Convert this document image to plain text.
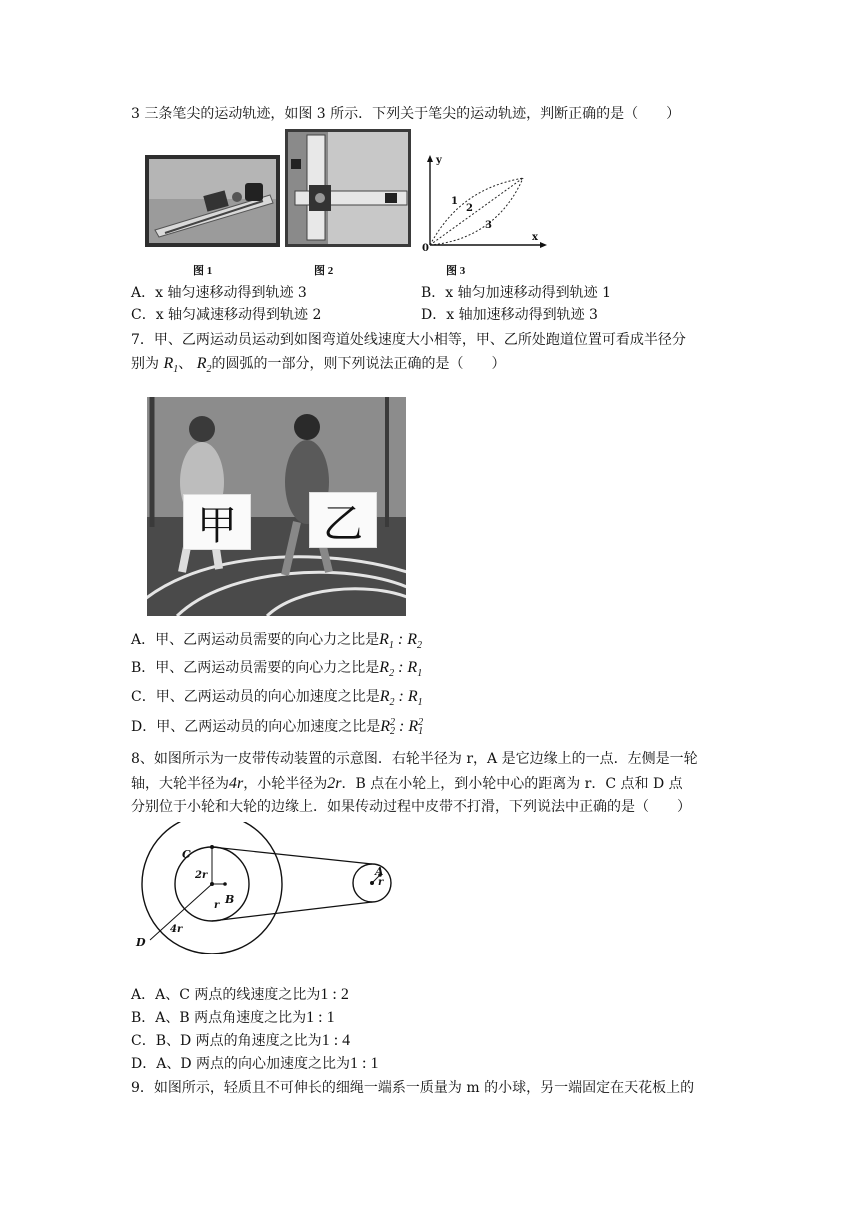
3 三条笔尖的运动轨迹，如图 3 所示．下列关于笔尖的运动轨迹，判断正确的是（　　）
y
x
0
1
2
3
图 1	图 2	图 3
A．x 轴匀速移动得到轨迹 3	B．x 轴匀加速移动得到轨迹 1
C．x 轴匀减速移动得到轨迹 2	D．x 轴加速移动得到轨迹 3
7．甲、乙两运动员运动到如图弯道处线速度大小相等，甲、乙所处跑道位置可看成半径分
别为 $R_1$、 $R_2$的圆弧的一部分，则下列说法正确的是（　　）
甲	乙
A．甲、乙两运动员需要的向心力之比是$R_1$ : $R_2$
B．甲、乙两运动员需要的向心力之比是$R_2$ : $R_1$
C．甲、乙两运动员的向心加速度之比是$R_2$ : $R_1$
D．甲、乙两运动员的向心加速度之比是R2
2 : R2
1
8、如图所示为一皮带传动装置的示意图．右轮半径为 r，A 是它边缘上的一点．左侧是一轮
轴，大轮半径为4r，小轮半径为2r．B 点在小轮上，到小轮中心的距离为 r．C 点和 D 点
分别位于小轮和大轮的边缘上．如果传动过程中皮带不打滑，下列说法中正确的是（　　）
C
D
A
B
2r
4r
r
r
A．A、C 两点的线速度之比为1 : 2
B．A、B 两点角速度之比为1 : 1
C．B、D 两点的角速度之比为1 : 4
D．A、D 两点的向心加速度之比为1 : 1
9．如图所示，轻质且不可伸长的细绳一端系一质量为 m 的小球，另一端固定在天花板上的
